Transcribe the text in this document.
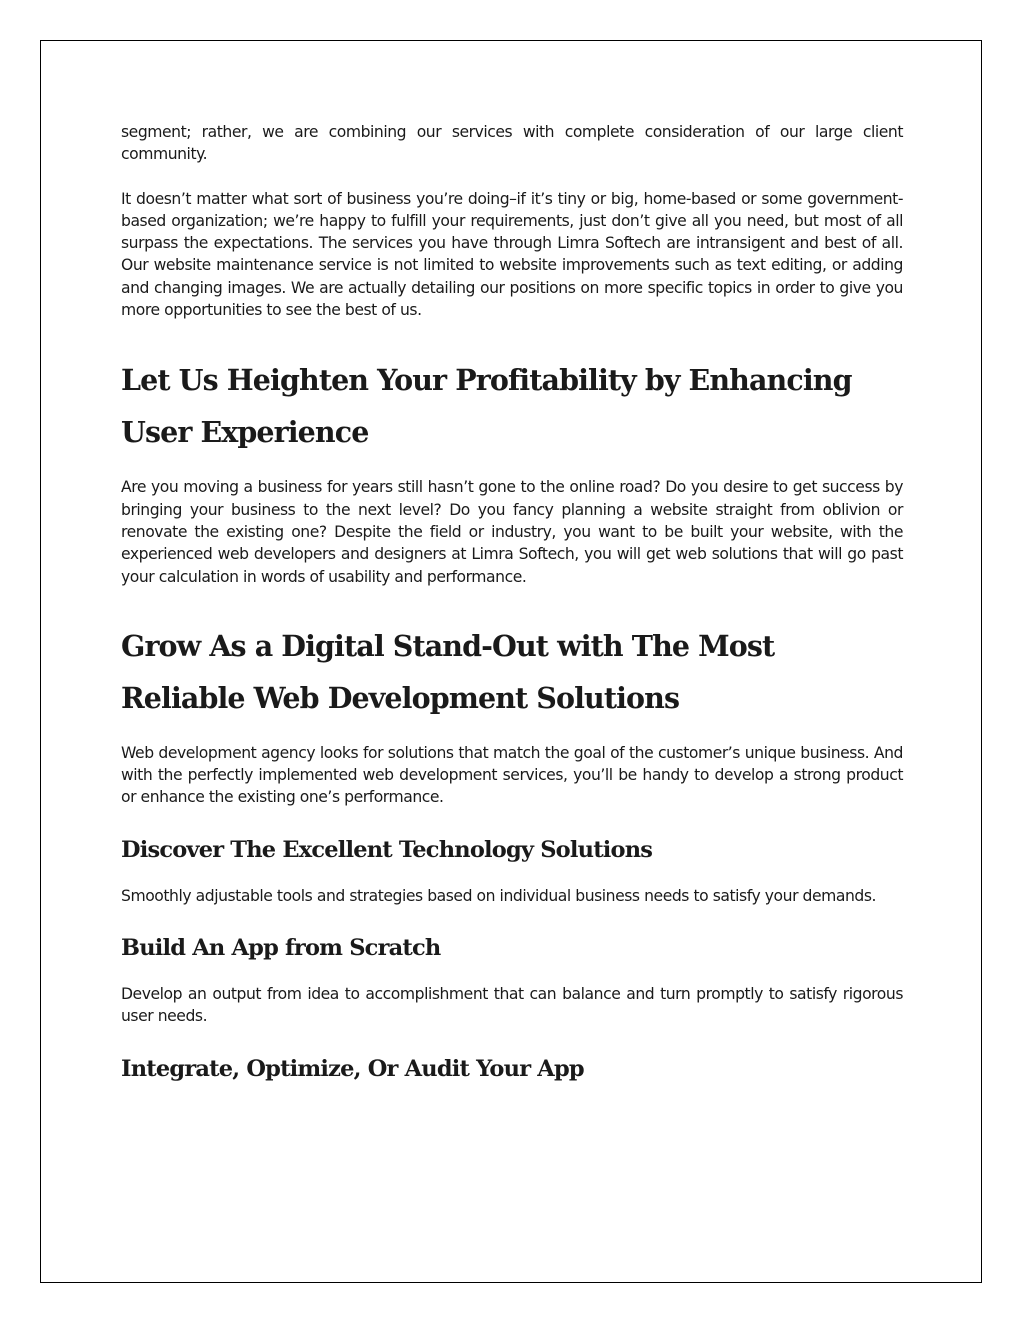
segment; rather, we are combining our services with complete consideration of our large client community.

It doesn’t matter what sort of business you’re doing–if it’s tiny or big, home-based or some government-based organization; we’re happy to fulfill your requirements, just don’t give all you need, but most of all surpass the expectations. The services you have through Limra Softech are intransigent and best of all. Our website maintenance service is not limited to website improvements such as text editing, or adding and changing images. We are actually detailing our positions on more specific topics in order to give you more opportunities to see the best of us.

Let Us Heighten Your Profitability by Enhancing User Experience

Are you moving a business for years still hasn’t gone to the online road? Do you desire to get success by bringing your business to the next level? Do you fancy planning a website straight from oblivion or renovate the existing one? Despite the field or industry, you want to be built your website, with the experienced web developers and designers at Limra Softech, you will get web solutions that will go past your calculation in words of usability and performance.

Grow As a Digital Stand-Out with The Most Reliable Web Development Solutions

Web development agency looks for solutions that match the goal of the customer’s unique business. And with the perfectly implemented web development services, you’ll be handy to develop a strong product or enhance the existing one’s performance.

Discover The Excellent Technology Solutions

Smoothly adjustable tools and strategies based on individual business needs to satisfy your demands.

Build An App from Scratch

Develop an output from idea to accomplishment that can balance and turn promptly to satisfy rigorous user needs.

Integrate, Optimize, Or Audit Your App
